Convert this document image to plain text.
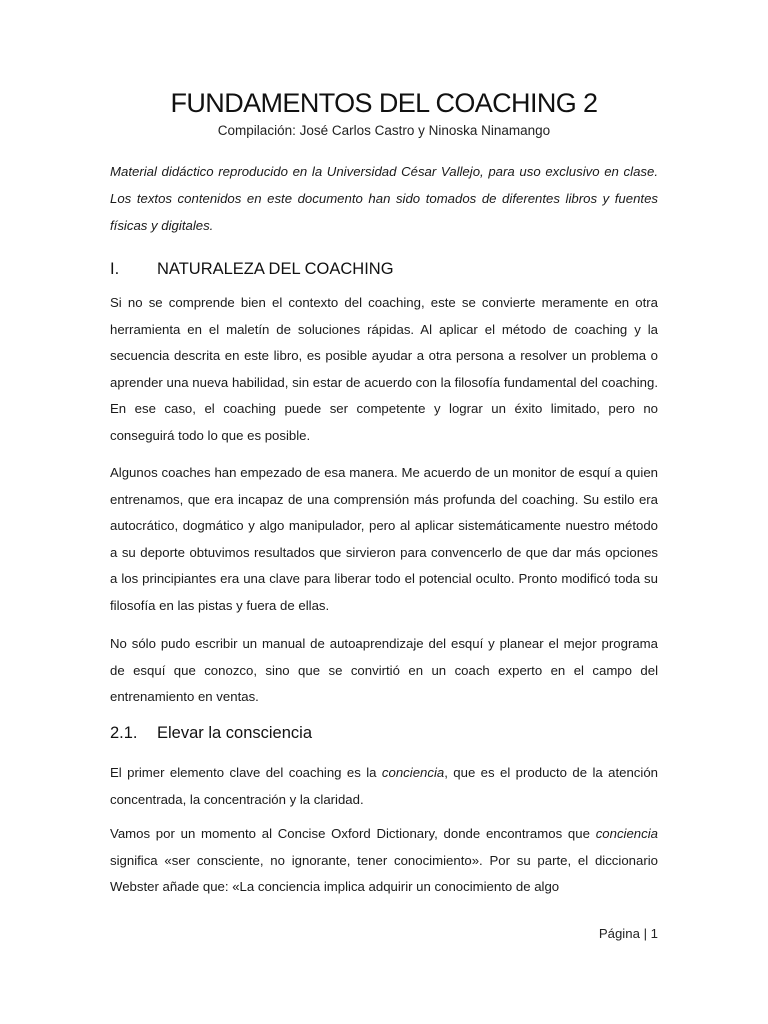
FUNDAMENTOS DEL COACHING 2
Compilación: José Carlos Castro y Ninoska Ninamango

Material didáctico reproducido en la Universidad César Vallejo, para uso exclusivo en clase. Los textos contenidos en este documento han sido tomados de diferentes libros y fuentes físicas y digitales.

I. NATURALEZA DEL COACHING

Si no se comprende bien el contexto del coaching, este se convierte meramente en otra herramienta en el maletín de soluciones rápidas. Al aplicar el método de coaching y la secuencia descrita en este libro, es posible ayudar a otra persona a resolver un problema o aprender una nueva habilidad, sin estar de acuerdo con la filosofía fundamental del coaching. En ese caso, el coaching puede ser competente y lograr un éxito limitado, pero no conseguirá todo lo que es posible.

Algunos coaches han empezado de esa manera. Me acuerdo de un monitor de esquí a quien entrenamos, que era incapaz de una comprensión más profunda del coaching. Su estilo era autocrático, dogmático y algo manipulador, pero al aplicar sistemáticamente nuestro método a su deporte obtuvimos resultados que sirvieron para convencerlo de que dar más opciones a los principiantes era una clave para liberar todo el potencial oculto. Pronto modificó toda su filosofía en las pistas y fuera de ellas.

No sólo pudo escribir un manual de autoaprendizaje del esquí y planear el mejor programa de esquí que conozco, sino que se convirtió en un coach experto en el campo del entrenamiento en ventas.

2.1. Elevar la consciencia

El primer elemento clave del coaching es la conciencia, que es el producto de la atención concentrada, la concentración y la claridad.

Vamos por un momento al Concise Oxford Dictionary, donde encontramos que conciencia significa «ser consciente, no ignorante, tener conocimiento». Por su parte, el diccionario Webster añade que: «La conciencia implica adquirir un conocimiento de algo

Página | 1
